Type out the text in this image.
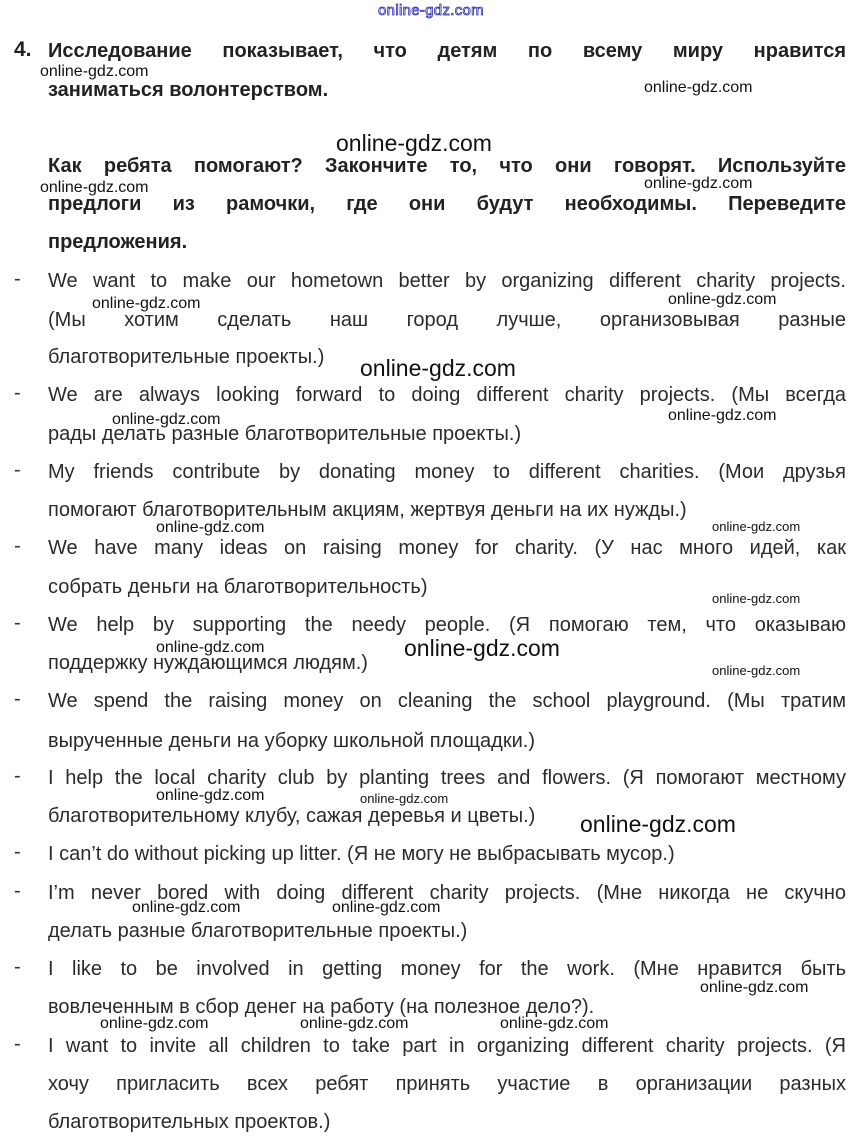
online-gdz.com
4. Исследование показывает, что детям по всему миру нравится
заниматься волонтерством.
Как ребята помогают? Закончите то, что они говорят. Используйте
предлоги из рамочки, где они будут необходимы. Переведите
предложения.
- We want to make our hometown better by organizing different charity projects.
(Мы хотим сделать наш город лучше, организовывая разные
благотворительные проекты.)
- We are always looking forward to doing different charity projects. (Мы всегда
рады делать разные благотворительные проекты.)
- My friends contribute by donating money to different charities. (Мои друзья
помогают благотворительным акциям, жертвуя деньги на их нужды.)
- We have many ideas on raising money for charity. (У нас много идей, как
собрать деньги на благотворительность)
- We help by supporting the needy people. (Я помогаю тем, что оказываю
поддержку нуждающимся людям.)
- We spend the raising money on cleaning the school playground. (Мы тратим
вырученные деньги на уборку школьной площадки.)
- I help the local charity club by planting trees and flowers. (Я помогают местному
благотворительному клубу, сажая деревья и цветы.)
- I can’t do without picking up litter. (Я не могу не выбрасывать мусор.)
- I’m never bored with doing different charity projects. (Мне никогда не скучно
делать разные благотворительные проекты.)
- I like to be involved in getting money for the work. (Мне нравится быть
вовлеченным в сбор денег на работу (на полезное дело?).
- I want to invite all children to take part in organizing different charity projects. (Я
хочу пригласить всех ребят принять участие в организации разных
благотворительных проектов.)
online-gdz.com
online-gdz.com
online-gdz.com
online-gdz.com	online-gdz.com
online-gdz.com	online-gdz.com
online-gdz.com
online-gdz.com	online-gdz.com
online-gdz.com	online-gdz.com
online-gdz.com
online-gdz.com	online-gdz.com
online-gdz.com
online-gdz.com	online-gdz.com
online-gdz.com
online-gdz.com	online-gdz.com
online-gdz.com
online-gdz.com	online-gdz.com	online-gdz.com
